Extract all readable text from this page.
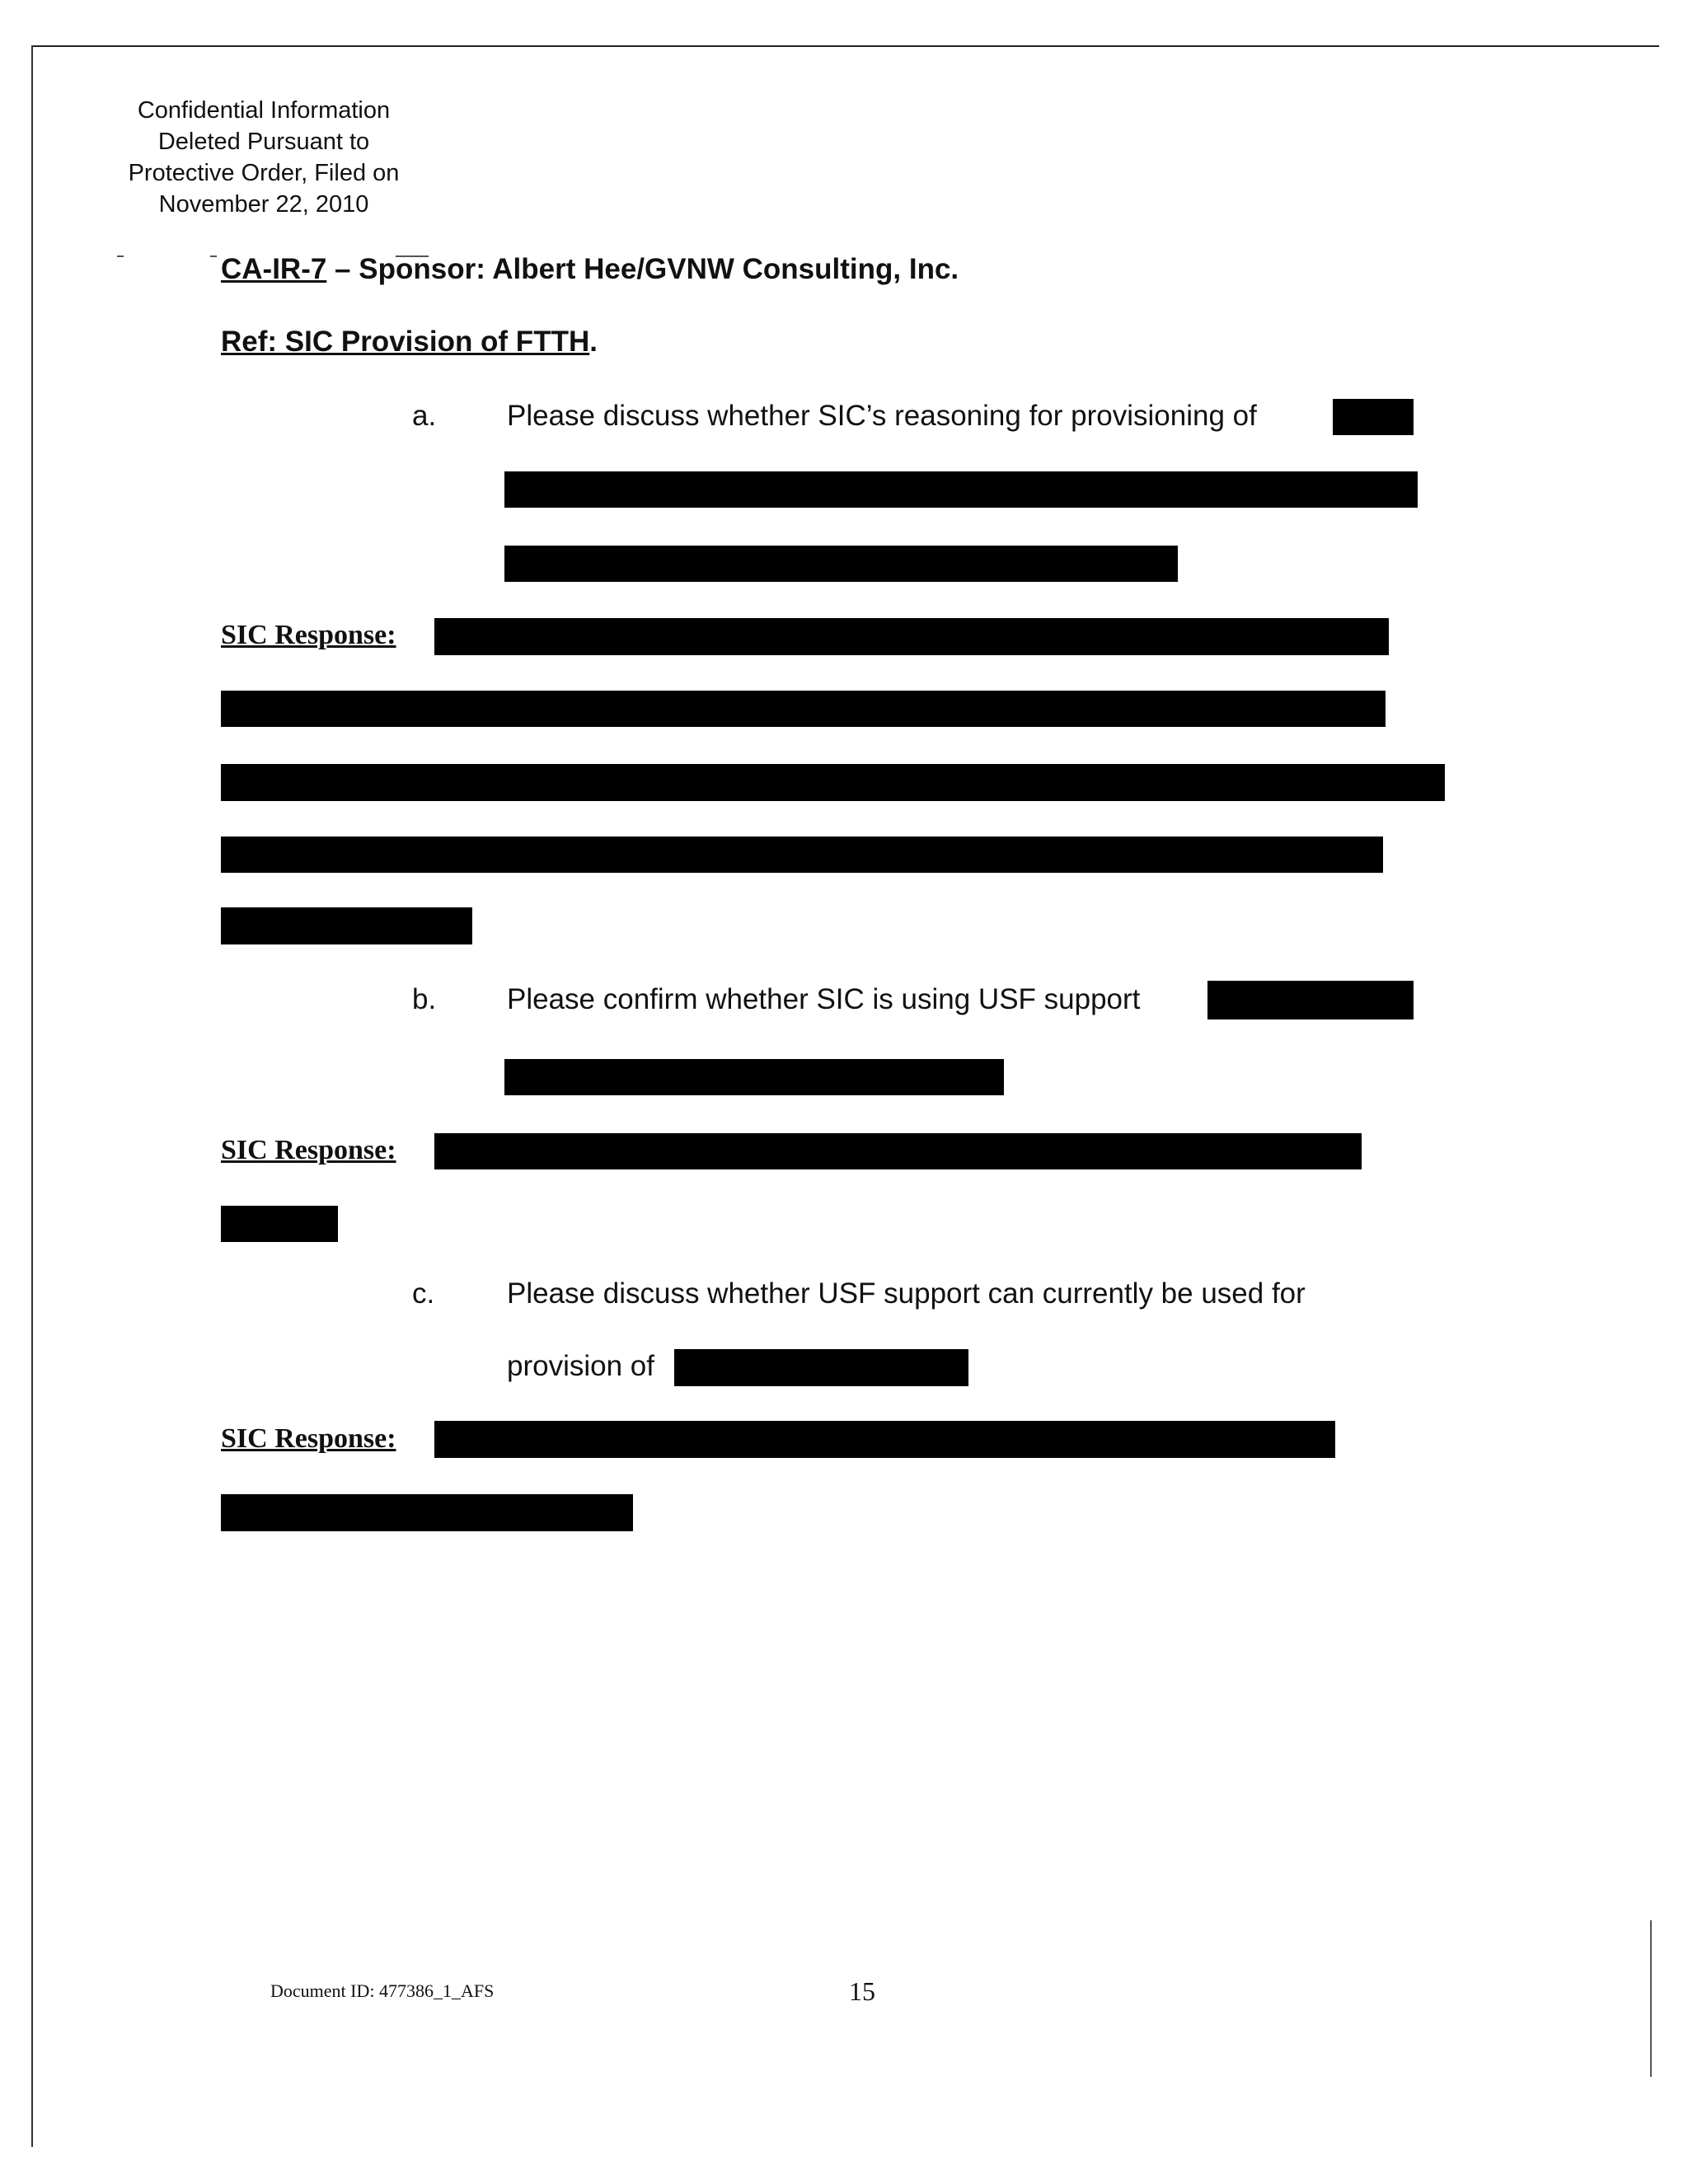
Confidential Information
Deleted Pursuant to
Protective Order, Filed on
November 22, 2010
CA-IR-7 – Sponsor: Albert Hee/GVNW Consulting, Inc.
Ref: SIC Provision of FTTH.
a. Please discuss whether SIC’s reasoning for provisioning of
SIC Response:
b. Please confirm whether SIC is using USF support
SIC Response:
c.	Please discuss whether USF support can currently be used for
provision of
SIC Response:
Document ID: 477386_1_AFS	15
